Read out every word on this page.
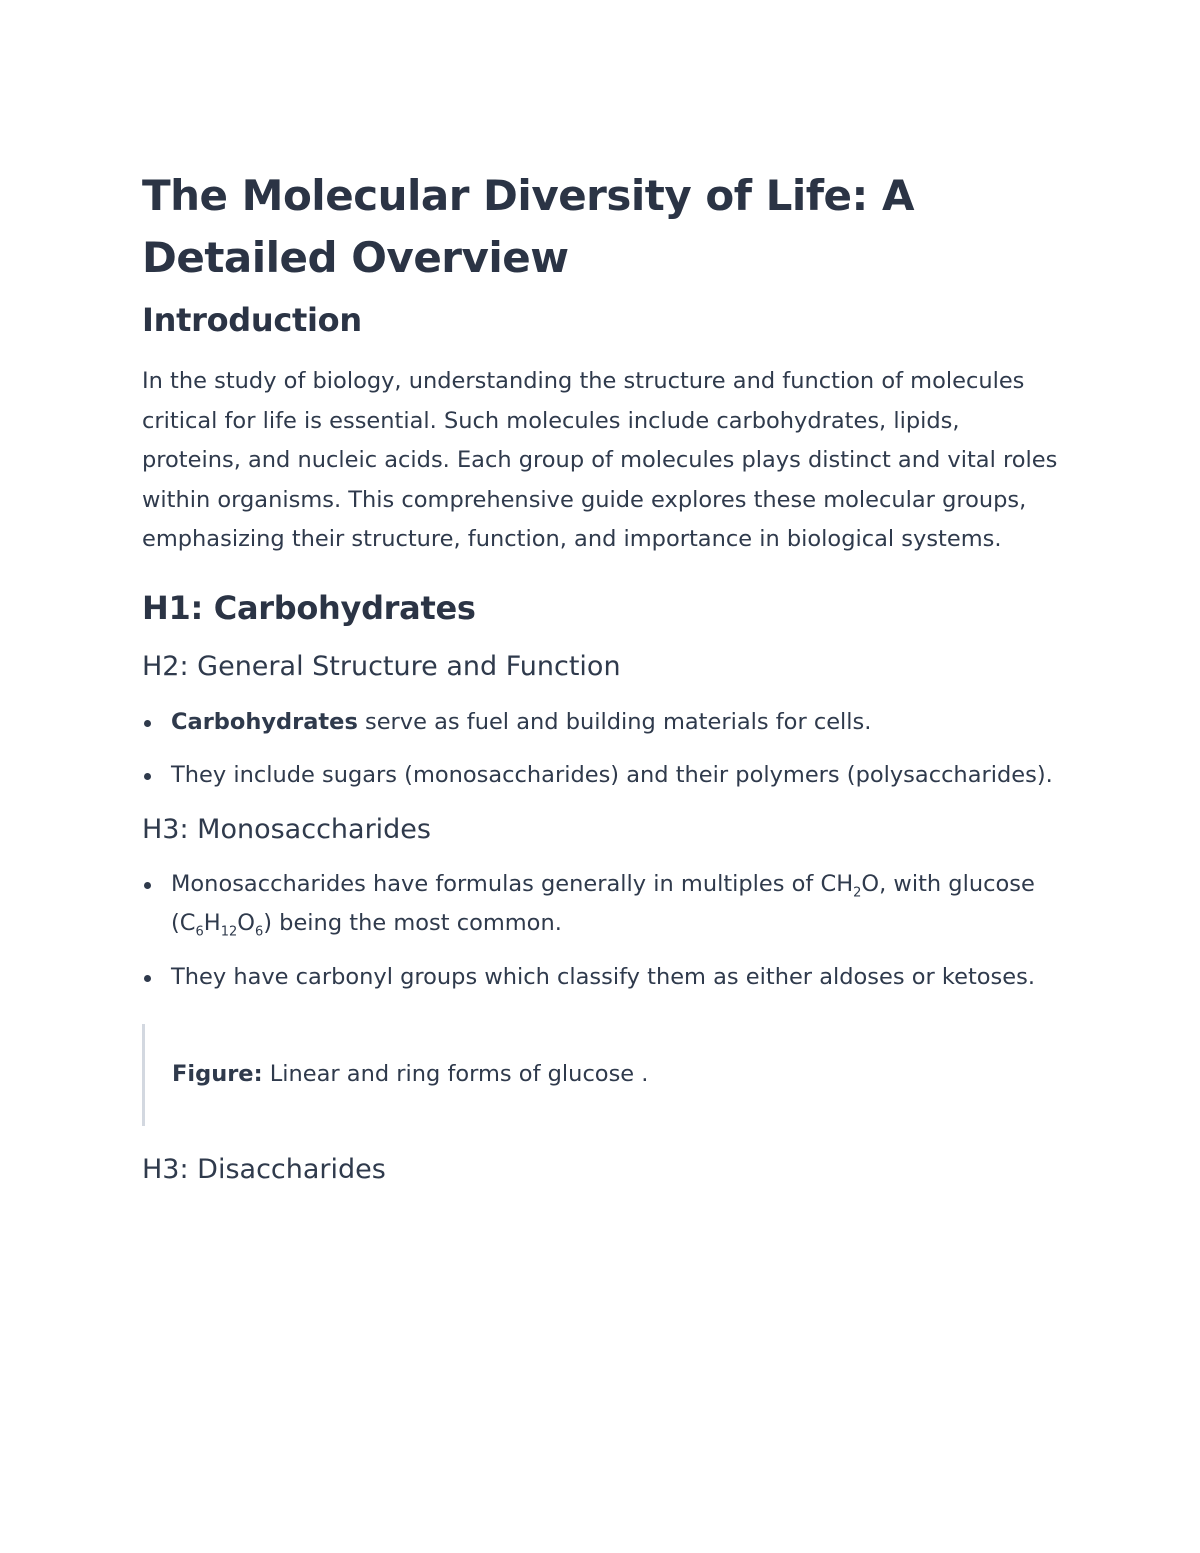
The Molecular Diversity of Life: A Detailed Overview
Introduction

In the study of biology, understanding the structure and function of molecules critical for life is essential. Such molecules include carbohydrates, lipids, proteins, and nucleic acids. Each group of molecules plays distinct and vital roles within organisms. This comprehensive guide explores these molecular groups, emphasizing their structure, function, and importance in biological systems.

H1: Carbohydrates
H2: General Structure and Function
Carbohydrates serve as fuel and building materials for cells.
They include sugars (monosaccharides) and their polymers (polysaccharides).
H3: Monosaccharides
Monosaccharides have formulas generally in multiples of $CH_2O$, with glucose $(C_6H_{12}O_6)$ being the most common.
They have carbonyl groups which classify them as either aldoses or ketoses.
Figure: Linear and ring forms of glucose .
H3: Disaccharides
